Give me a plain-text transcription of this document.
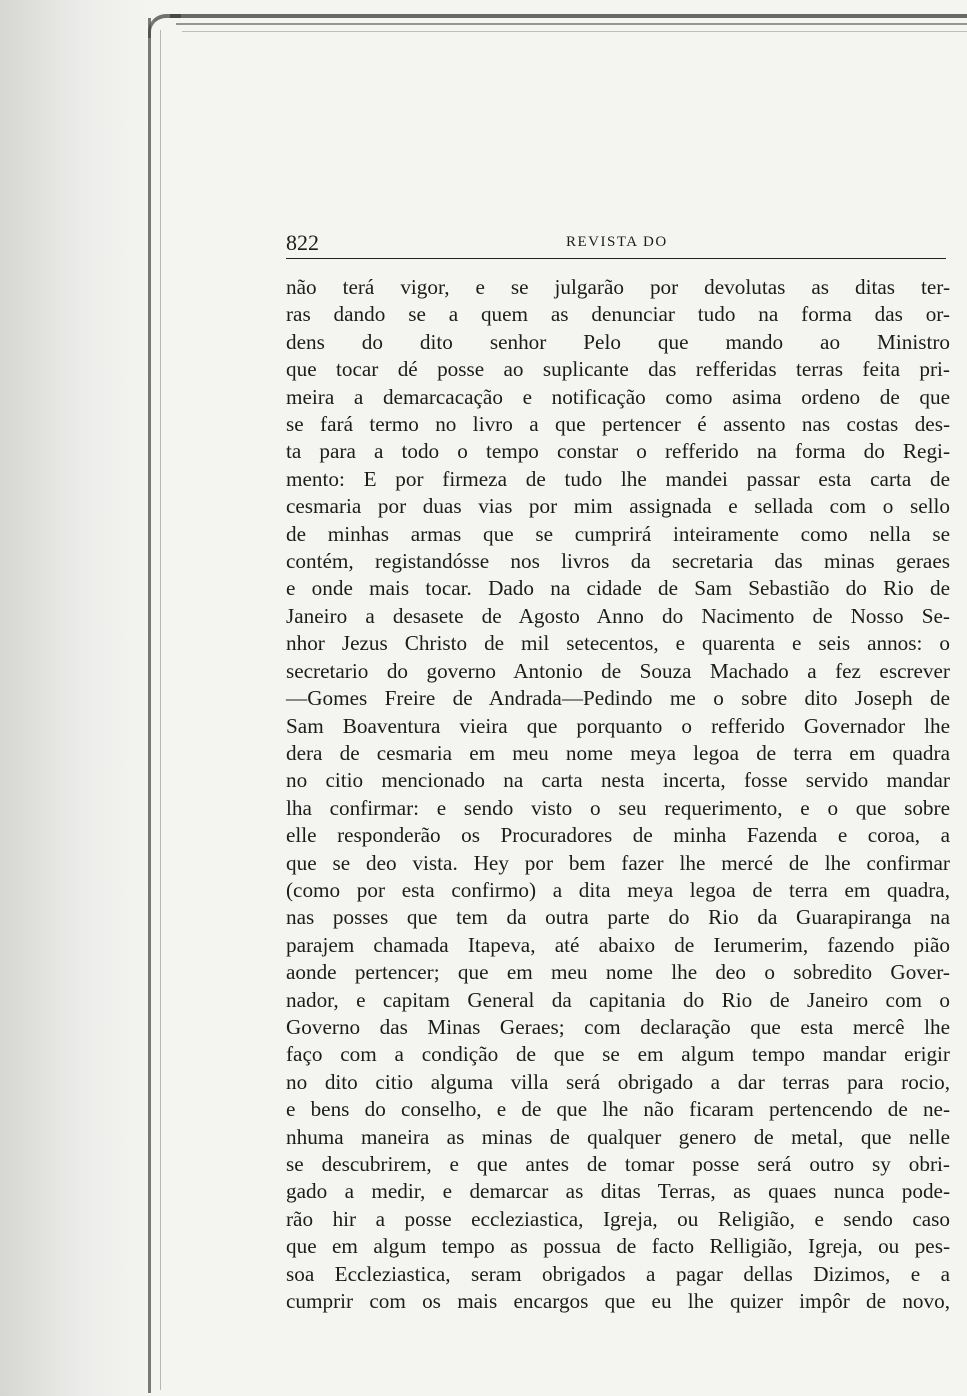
822	REVISTA DO
não terá vigor, e se julgarão por devolutas as ditas ter-
ras dando se a quem as denunciar tudo na forma das or-
dens do dito senhor Pelo que mando ao Ministro
que tocar dé posse ao suplicante das refferidas terras feita pri-
meira a demarcacação e notificação como asima ordeno de que
se fará termo no livro a que pertencer é assento nas costas des-
ta para a todo o tempo constar o refferido na forma do Regi-
mento: E por firmeza de tudo lhe mandei passar esta carta de
cesmaria por duas vias por mim assignada e sellada com o sello
de minhas armas que se cumprirá inteiramente como nella se
contém, registandósse nos livros da secretaria das minas geraes
e onde mais tocar. Dado na cidade de Sam Sebastião do Rio de
Janeiro a desasete de Agosto Anno do Nacimento de Nosso Se-
nhor Jezus Christo de mil setecentos, e quarenta e seis annos: o
secretario do governo Antonio de Souza Machado a fez escrever
—Gomes Freire de Andrada—Pedindo me o sobre dito Joseph de
Sam Boaventura vieira que porquanto o refferido Governador lhe
dera de cesmaria em meu nome meya legoa de terra em quadra
no citio mencionado na carta nesta incerta, fosse servido mandar
lha confirmar: e sendo visto o seu requerimento, e o que sobre
elle responderão os Procuradores de minha Fazenda e coroa, a
que se deo vista. Hey por bem fazer lhe mercé de lhe confirmar
(como por esta confirmo) a dita meya legoa de terra em quadra,
nas posses que tem da outra parte do Rio da Guarapiranga na
parajem chamada Itapeva, até abaixo de Ierumerim, fazendo pião
aonde pertencer; que em meu nome lhe deo o sobredito Gover-
nador, e capitam General da capitania do Rio de Janeiro com o
Governo das Minas Geraes; com declaração que esta mercê lhe
faço com a condição de que se em algum tempo mandar erigir
no dito citio alguma villa será obrigado a dar terras para rocio,
e bens do conselho, e de que lhe não ficaram pertencendo de ne-
nhuma maneira as minas de qualquer genero de metal, que nelle
se descubrirem, e que antes de tomar posse será outro sy obri-
gado a medir, e demarcar as ditas Terras, as quaes nunca pode-
rão hir a posse eccleziastica, Igreja, ou Religião, e sendo caso
que em algum tempo as possua de facto Relligião, Igreja, ou pes-
soa Eccleziastica, seram obrigados a pagar dellas Dizimos, e a
cumprir com os mais encargos que eu lhe quizer impôr de novo,
